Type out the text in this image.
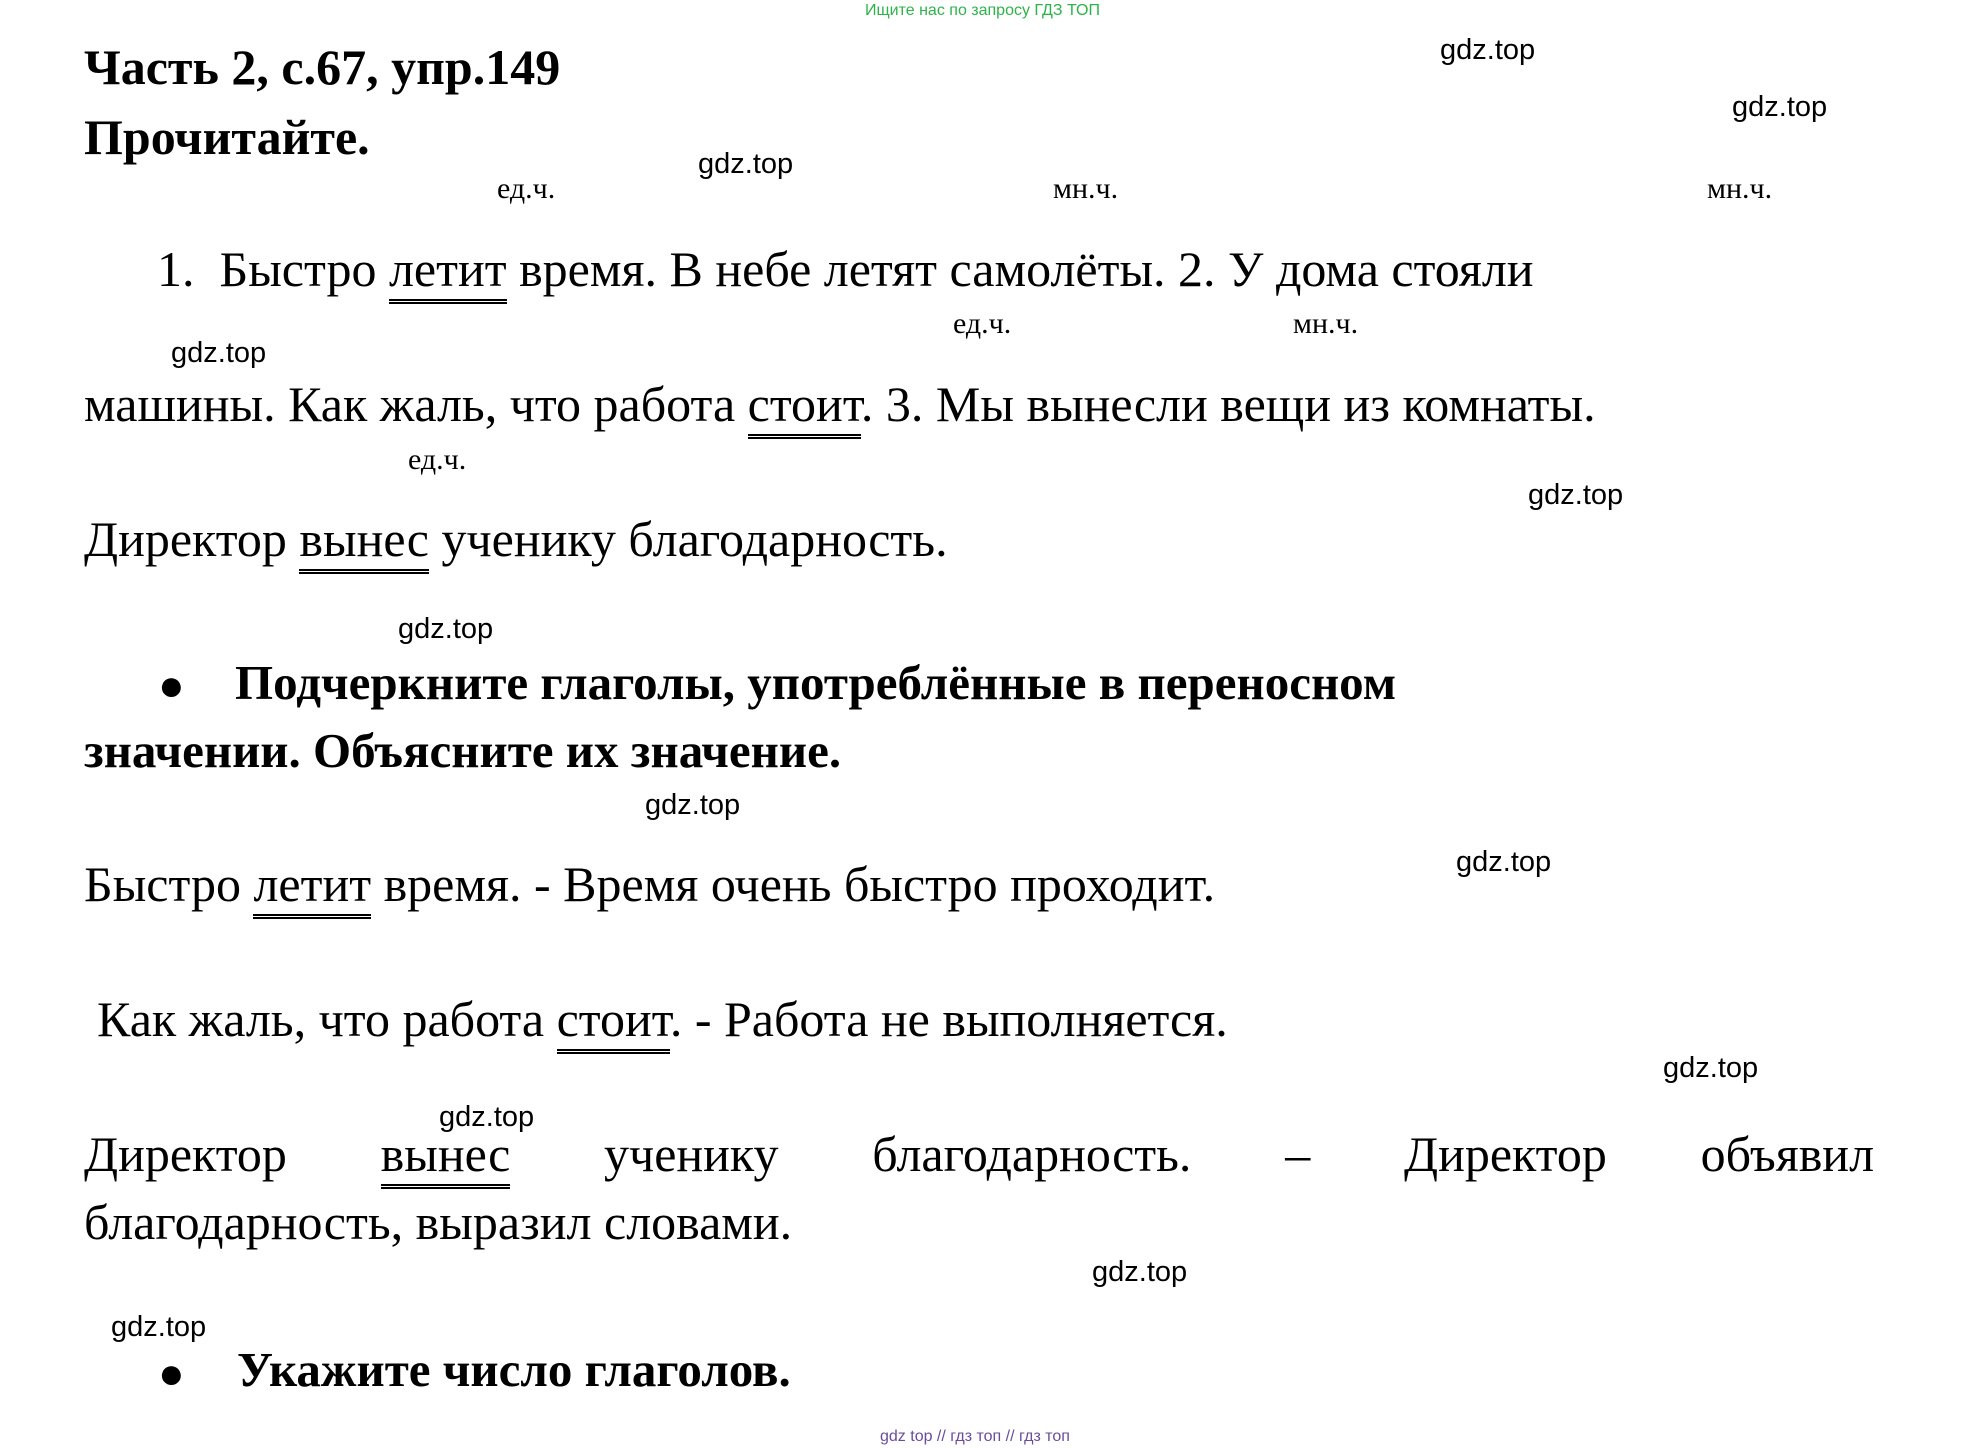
Ищите нас по запросу ГДЗ ТОП
gdz top // гдз топ // гдз топ
Часть 2, с.67, упр.149
Прочитайте.
gdz.top
gdz.top
gdz.top
gdz.top
gdz.top
gdz.top
gdz.top
gdz.top
gdz.top
gdz.top
gdz.top
gdz.top
ед.ч.	мн.ч.	мн.ч.
ед.ч.	мн.ч.
ед.ч.
1. Быстро летит время. В небе летят самолёты. 2. У дома стояли
машины. Как жаль, что работа стоит. 3. Мы вынесли вещи из комнаты.
Директор вынес ученику благодарность.
● Подчеркните глаголы, употреблённые в переносном
значении. Объясните их значение.
Быстро летит время. - Время очень быстро проходит.
Как жаль, что работа стоит. - Работа не выполняется.
Директор вынес ученику благодарность. – Директор объявил
благодарность, выразил словами.
● Укажите число глаголов.
